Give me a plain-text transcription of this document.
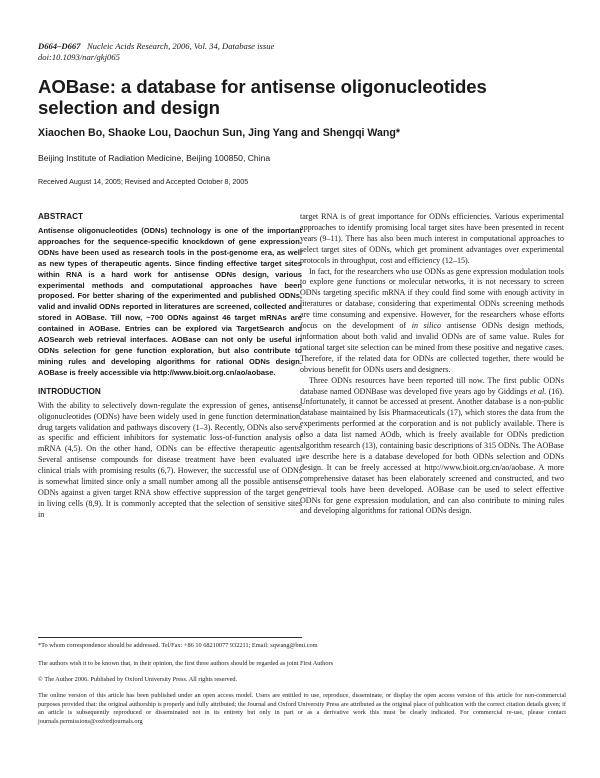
D664–D667 Nucleic Acids Research, 2006, Vol. 34, Database issue
doi:10.1093/nar/gkj065
AOBase: a database for antisense oligonucleotides selection and design
Xiaochen Bo, Shaoke Lou, Daochun Sun, Jing Yang and Shengqi Wang*
Beijing Institute of Radiation Medicine, Beijing 100850, China
Received August 14, 2005; Revised and Accepted October 8, 2005
ABSTRACT

Antisense oligonucleotides (ODNs) technology is one of the important approaches for the sequence-specific knockdown of gene expression. ODNs have been used as research tools in the post-genome era, as well as new types of therapeutic agents. Since finding effective target sites within RNA is a hard work for antisense ODNs design, various experimental methods and computational approaches have been proposed. For better sharing of the experimented and published ODNs, valid and invalid ODNs reported in literatures are screened, collected and stored in AOBase. Till now, ~700 ODNs against 46 target mRNAs are contained in AOBase. Entries can be explored via TargetSearch and AOSearch web retrieval interfaces. AOBase can not only be useful in ODNs selection for gene function exploration, but also contribute to mining rules and developing algorithms for rational ODNs design. AOBase is freely accessible via http://www.bioit.org.cn/ao/aobase.

INTRODUCTION

With the ability to selectively down-regulate the expression of genes, antisense oligonucleotides (ODNs) have been widely used in gene function determination, drug targets validation and pathways discovery (1–3). Recently, ODNs also serve as specific and efficient inhibitors for systematic loss-of-function analysis of mRNA (4,5). On the other hand, ODNs can be effective therapeutic agents. Several antisense compounds for disease treatment have been evaluated in clinical trials with promising results (6,7). However, the successful use of ODNs is somewhat limited since only a small number among all the possible antisense ODNs against a given target RNA show effective suppression of the target gene in living cells (8,9). It is commonly accepted that the selection of sensitive sites in

target RNA is of great importance for ODNs efficiencies. Various experimental approaches to identify promising local target sites have been presented in recent years (9–11). There has also been much interest in computational approaches to select target sites of ODNs, which get prominent advantages over experimental protocols in throughput, cost and efficiency (12–15).

In fact, for the researchers who use ODNs as gene expression modulation tools to explore gene functions or molecular networks, it is not necessary to screen ODNs targeting specific mRNA if they could find some with enough activity in literatures or database, considering that experimental ODNs screening methods are time consuming and expensive. However, for the researchers whose efforts focus on the development of in silico antisense ODNs design methods, information about both valid and invalid ODNs are of same value. Rules for rational target site selection can be mined from these positive and negative cases. Therefore, if the related data for ODNs are collected together, there would be obvious benefit for ODNs users and designers.

Three ODNs resources have been reported till now. The first public ODNs database named ODNBase was developed five years ago by Giddings et al. (16). Unfortunately, it cannot be accessed at present. Another database is a non-public database maintained by Isis Pharmaceuticals (17), which stores the data from the experiments performed at the corporation and is not publicly available. There is also a data list named AOdb, which is freely available for ODNs prediction algorithm research (13), containing basic descriptions of 315 ODNs. The AOBase we describe here is a database developed for both ODNs selection and ODNs design. It can be freely accessed at http://www.bioit.org.cn/ao/aobase. A more comprehensive dataset has been elaborately screened and constructed, and two retrieval tools have been developed. AOBase can be used to select effective ODNs for gene expression modulation, and can also contribute to mining rules and developing algorithms for rational ODNs design.

*To whom correspondence should be addressed. Tel/Fax: +86 10 68210077 932211; Email: sqwang@bmi.com
The authors wish it to be known that, in their opinion, the first three authors should be regarded as joint First Authors
© The Author 2006. Published by Oxford University Press. All rights reserved.
The online version of this article has been published under an open access model. Users are entitled to use, reproduce, disseminate, or display the open access version of this article for non-commercial purposes provided that: the original authorship is properly and fully attributed; the Journal and Oxford University Press are attributed as the original place of publication with the correct citation details given; if an article is subsequently reproduced or disseminated not in its entirety but only in part or as a derivative work this must be clearly indicated. For commercial re-use, please contact journals.permissions@oxfordjournals.org
